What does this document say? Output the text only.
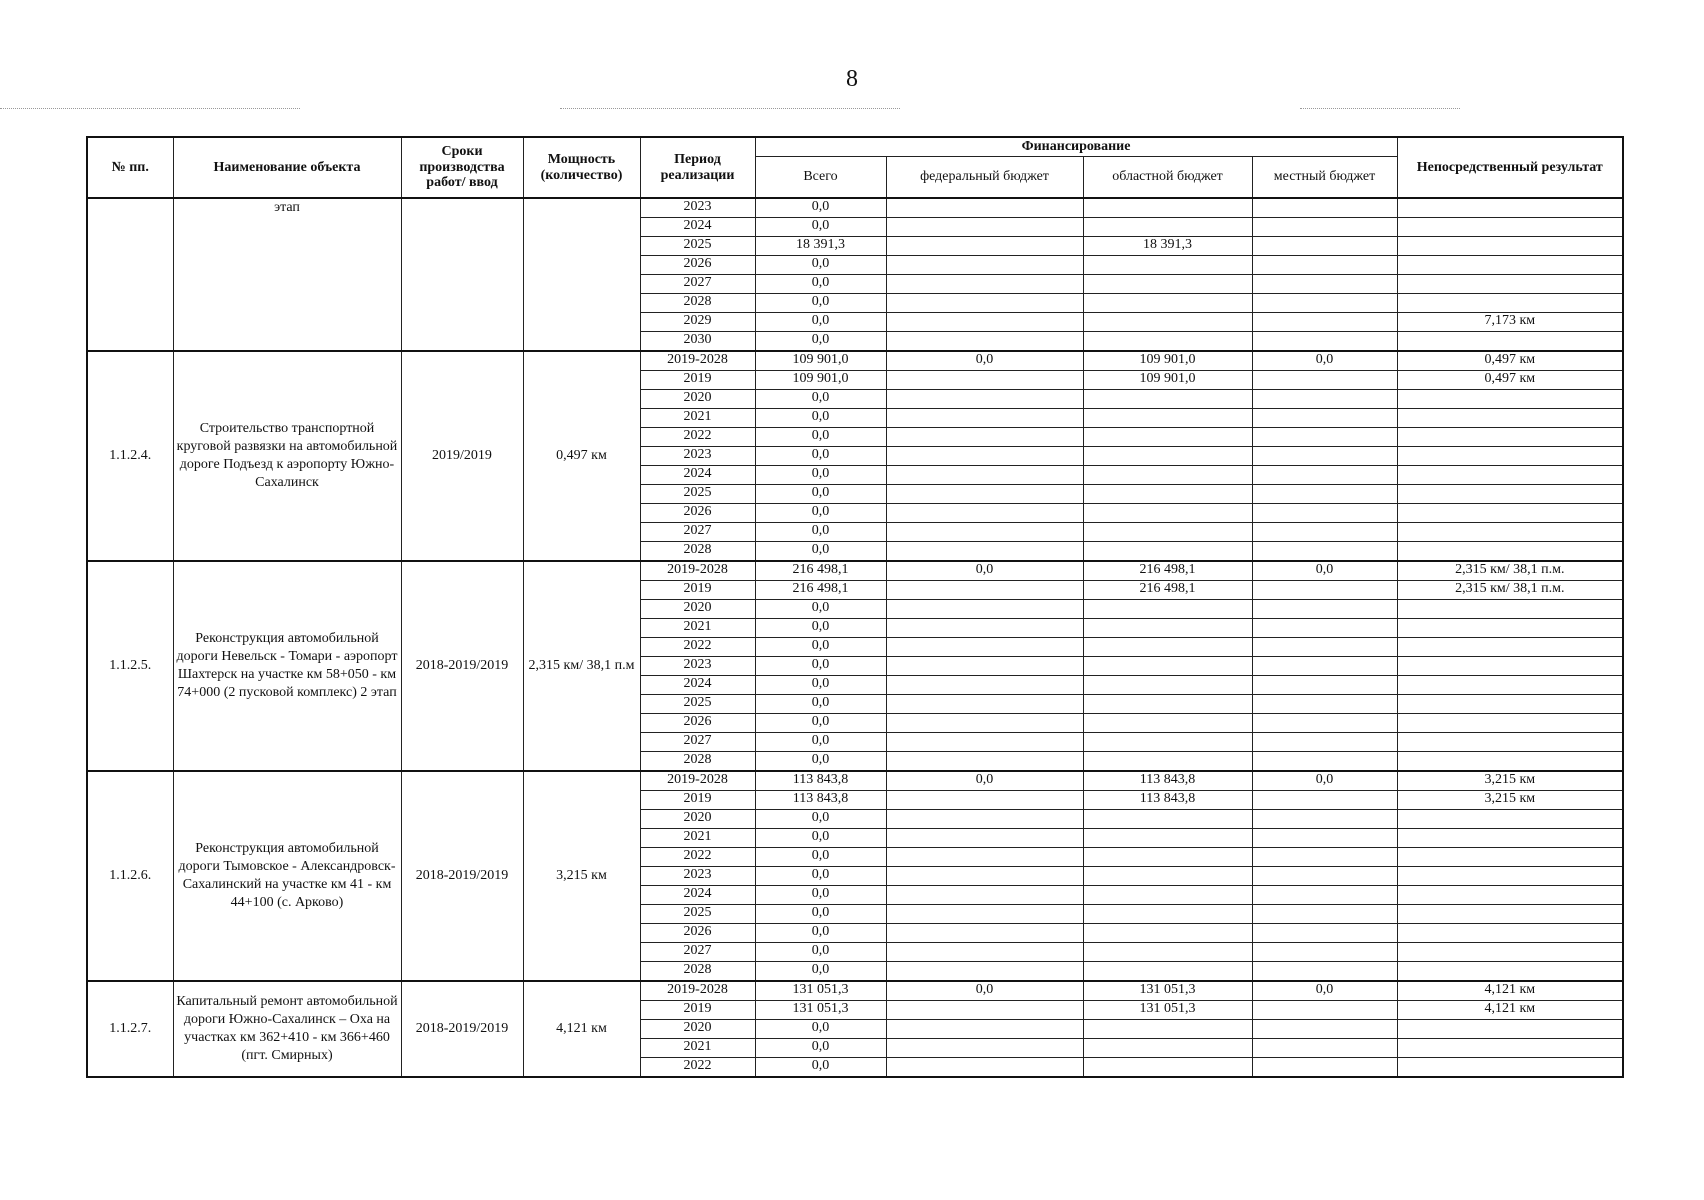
8
№ пп.	Наименование объекта	Сроки производства работ/ ввод	Мощность (количество)	Период реализации	Финансирование				Непосредственный результат
					Всего	федеральный бюджет	областной бюджет	местный бюджет	
	этап			2023	0,0				
				2024	0,0				
				2025	18 391,3		18 391,3		
				2026	0,0				
				2027	0,0				
				2028	0,0				
				2029	0,0				7,173 км
				2030	0,0				
1.1.2.4.	Строительство транспортной круговой развязки на автомобильной дороге Подъезд к аэропорту Южно-Сахалинск	2019/2019	0,497 км	2019-2028	109 901,0	0,0	109 901,0	0,0	0,497 км
				2019	109 901,0		109 901,0		0,497 км
				2020	0,0				
				2021	0,0				
				2022	0,0				
				2023	0,0				
				2024	0,0				
				2025	0,0				
				2026	0,0				
				2027	0,0				
				2028	0,0				
1.1.2.5.	Реконструкция автомобильной дороги Невельск - Томари - аэропорт Шахтерск на участке км 58+050 - км 74+000 (2 пусковой комплекс) 2 этап	2018-2019/2019	2,315 км/ 38,1 п.м	2019-2028	216 498,1	0,0	216 498,1	0,0	2,315 км/ 38,1 п.м.
				2019	216 498,1		216 498,1		2,315 км/ 38,1 п.м.
				2020	0,0				
				2021	0,0				
				2022	0,0				
				2023	0,0				
				2024	0,0				
				2025	0,0				
				2026	0,0				
				2027	0,0				
				2028	0,0				
1.1.2.6.	Реконструкция автомобильной дороги Тымовское - Александровск-Сахалинский на участке км 41 - км 44+100 (с. Арково)	2018-2019/2019	3,215 км	2019-2028	113 843,8	0,0	113 843,8	0,0	3,215 км
				2019	113 843,8		113 843,8		3,215 км
				2020	0,0				
				2021	0,0				
				2022	0,0				
				2023	0,0				
				2024	0,0				
				2025	0,0				
				2026	0,0				
				2027	0,0				
				2028	0,0				
1.1.2.7.	Капитальный ремонт автомобильной дороги Южно-Сахалинск – Оха на участках км 362+410 - км 366+460 (пгт. Смирных)	2018-2019/2019	4,121 км	2019-2028	131 051,3	0,0	131 051,3	0,0	4,121 км
				2019	131 051,3		131 051,3		4,121 км
				2020	0,0				
				2021	0,0				
				2022	0,0				
